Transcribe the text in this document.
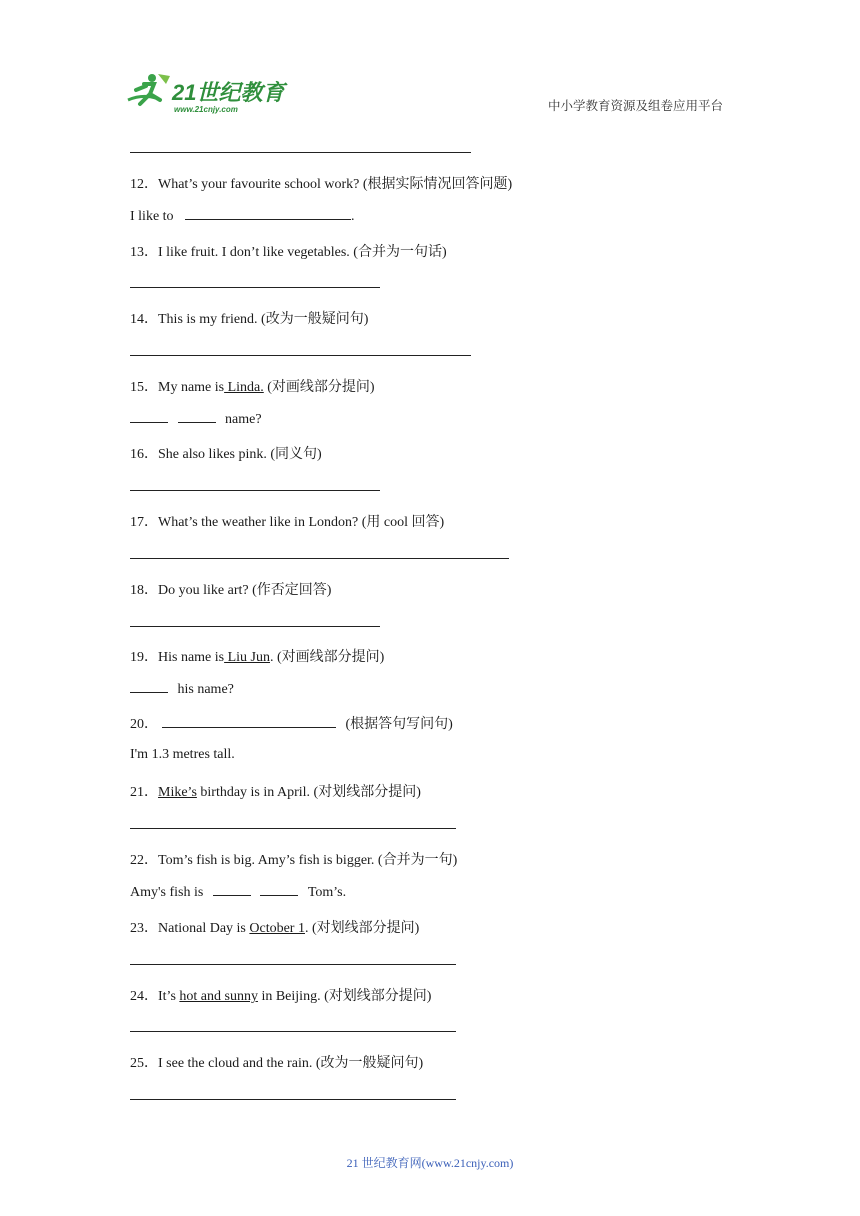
21世纪教育
www.21cnjy.com	中小学教育资源及组卷应用平台
12．What’s your favourite school work? (根据实际情况回答问题)
I like to	.
13．I like fruit. I don’t like vegetables. (合并为一句话)
14．This is my friend. (改为一般疑问句)
15．My name is Linda. (对画线部分提问)
name?
16．She also likes pink. (同义句)
17．What’s the weather like in London? (用 cool 回答)
18．Do you like art? (作否定回答)
19．His name is Liu Jun. (对画线部分提问)
his name?
20．	(根据答句写问句)
I'm 1.3 metres tall.
21．Mike’s birthday is in April. (对划线部分提问)
22．Tom’s fish is big. Amy’s fish is bigger. (合并为一句)
Amy's fish is	Tom’s.
23．National Day is October 1. (对划线部分提问)
24．It’s hot and sunny in Beijing. (对划线部分提问)
25．I see the cloud and the rain. (改为一般疑问句)
21 世纪教育网(www.21cnjy.com)
